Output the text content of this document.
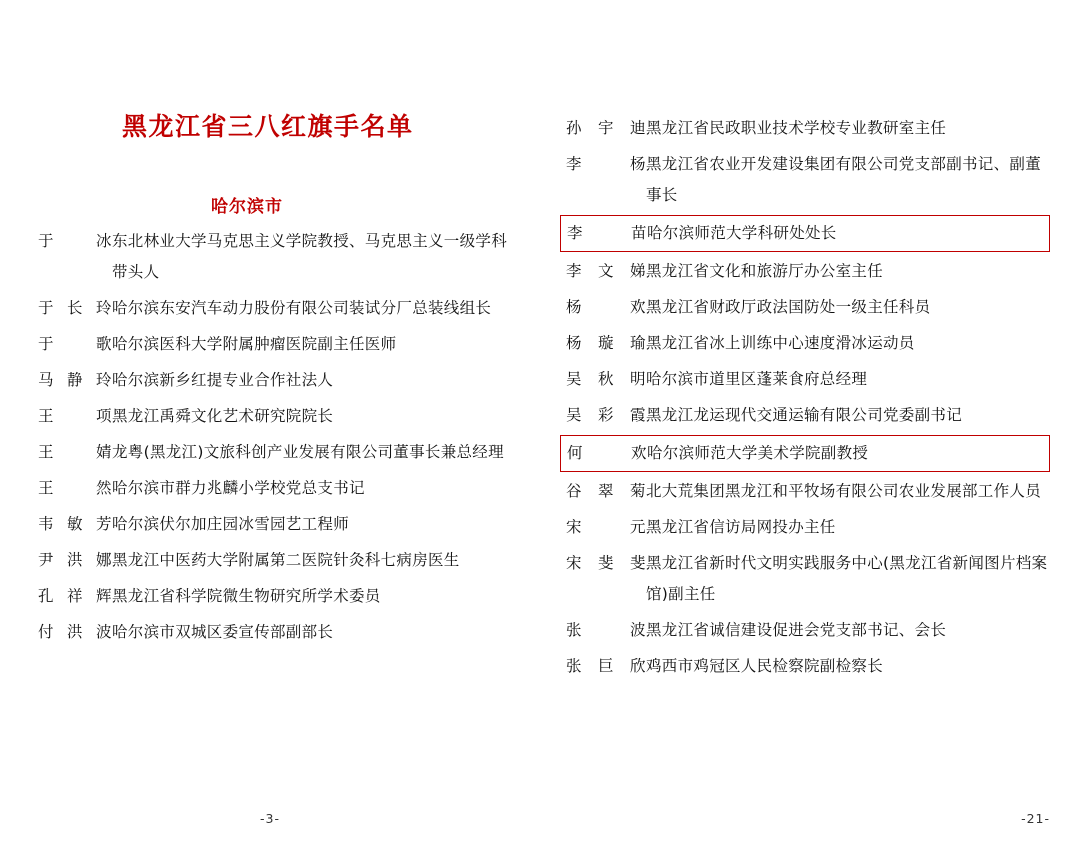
黑龙江省三八红旗手名单
哈尔滨市
于 冰 东北林业大学马克思主义学院教授、马克思主义一级学科带头人
于长玲 哈尔滨东安汽车动力股份有限公司装试分厂总装线组长
于 歌 哈尔滨医科大学附属肿瘤医院副主任医师
马静玲 哈尔滨新乡红提专业合作社法人
王 项 黑龙江禹舜文化艺术研究院院长
王 婧 龙粤(黑龙江)文旅科创产业发展有限公司董事长兼总经理
王 然 哈尔滨市群力兆麟小学校党总支书记
韦敏芳 哈尔滨伏尔加庄园冰雪园艺工程师
尹洪娜 黑龙江中医药大学附属第二医院针灸科七病房医生
孔祥辉 黑龙江省科学院微生物研究所学术委员
付洪波 哈尔滨市双城区委宣传部副部长
-3-
孙宇迪 黑龙江省民政职业技术学校专业教研室主任
李 杨 黑龙江省农业开发建设集团有限公司党支部副书记、副董事长
李 苗 哈尔滨师范大学科研处处长
李文娣 黑龙江省文化和旅游厅办公室主任
杨 欢 黑龙江省财政厅政法国防处一级主任科员
杨璇瑜 黑龙江省冰上训练中心速度滑冰运动员
吴秋明 哈尔滨市道里区蓬莱食府总经理
吴彩霞 黑龙江龙运现代交通运输有限公司党委副书记
何 欢 哈尔滨师范大学美术学院副教授
谷翠菊 北大荒集团黑龙江和平牧场有限公司农业发展部工作人员
宋 元 黑龙江省信访局网投办主任
宋斐斐 黑龙江省新时代文明实践服务中心(黑龙江省新闻图片档案馆)副主任
张 波 黑龙江省诚信建设促进会党支部书记、会长
张巨欣 鸡西市鸡冠区人民检察院副检察长
-21-
